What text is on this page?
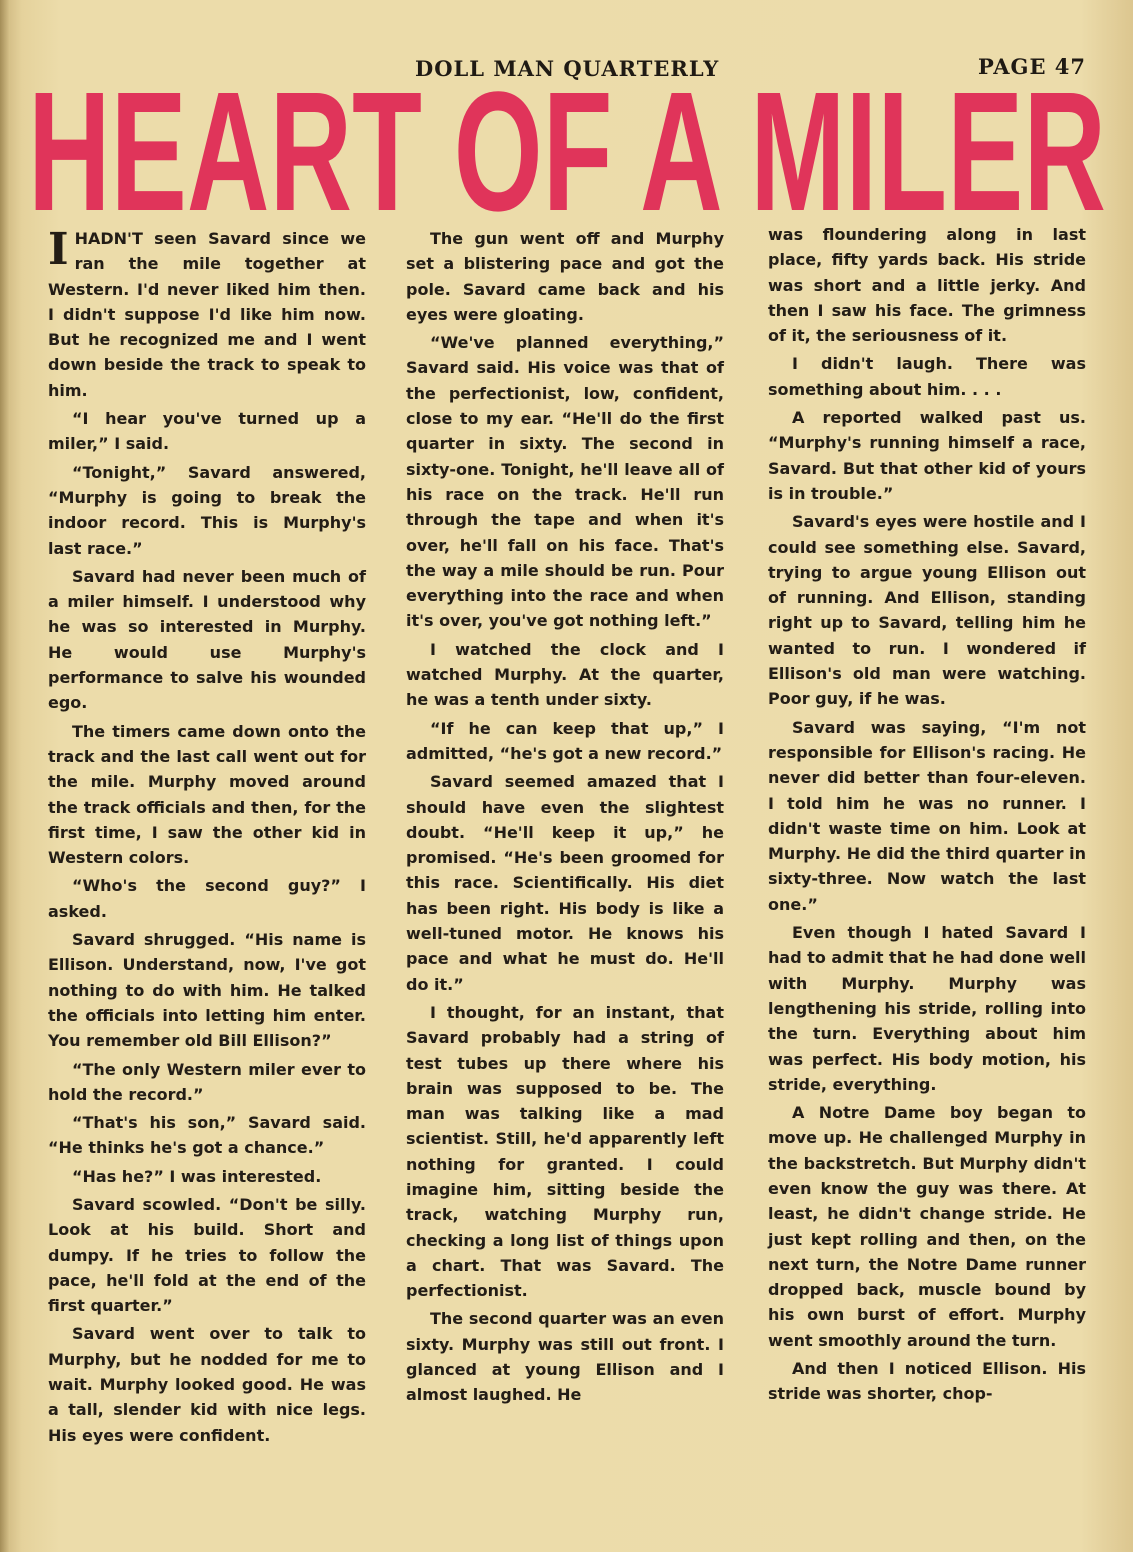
DOLL MAN QUARTERLY	PAGE 47
HEART OF A MILER

IHADN'T seen Savard since we ran the mile together at Western. I'd never liked him then. I didn't suppose I'd like him now. But he recognized me and I went down beside the track to speak to him.

“I hear you've turned up a miler,” I said.

“Tonight,” Savard answered, “Murphy is going to break the indoor record. This is Murphy's last race.”

Savard had never been much of a miler himself. I understood why he was so interested in Murphy. He would use Murphy's performance to salve his wounded ego.

The timers came down onto the track and the last call went out for the mile. Murphy moved around the track officials and then, for the first time, I saw the other kid in Western colors.

“Who's the second guy?” I asked.

Savard shrugged. “His name is Ellison. Understand, now, I've got nothing to do with him. He talked the officials into letting him enter. You remember old Bill Ellison?”

“The only Western miler ever to hold the record.”

“That's his son,” Savard said. “He thinks he's got a chance.”

“Has he?” I was interested.

Savard scowled. “Don't be silly. Look at his build. Short and dumpy. If he tries to follow the pace, he'll fold at the end of the first quarter.”

Savard went over to talk to Murphy, but he nodded for me to wait. Murphy looked good. He was a tall, slender kid with nice legs. His eyes were confident.

The gun went off and Murphy set a blistering pace and got the pole. Savard came back and his eyes were gloating.

“We've planned everything,” Savard said. His voice was that of the perfectionist, low, confident, close to my ear. “He'll do the first quarter in sixty. The second in sixty-one. Tonight, he'll leave all of his race on the track. He'll run through the tape and when it's over, he'll fall on his face. That's the way a mile should be run. Pour everything into the race and when it's over, you've got nothing left.”

I watched the clock and I watched Murphy. At the quarter, he was a tenth under sixty.

“If he can keep that up,” I admitted, “he's got a new record.”

Savard seemed amazed that I should have even the slightest doubt. “He'll keep it up,” he promised. “He's been groomed for this race. Scientifically. His diet has been right. His body is like a well-tuned motor. He knows his pace and what he must do. He'll do it.”

I thought, for an instant, that Savard probably had a string of test tubes up there where his brain was supposed to be. The man was talking like a mad scientist. Still, he'd apparently left nothing for granted. I could imagine him, sitting beside the track, watching Murphy run, checking a long list of things upon a chart. That was Savard. The perfectionist.

The second quarter was an even sixty. Murphy was still out front. I glanced at young Ellison and I almost laughed. He

was floundering along in last place, fifty yards back. His stride was short and a little jerky. And then I saw his face. The grimness of it, the seriousness of it.

I didn't laugh. There was something about him. . . .

A reported walked past us. “Murphy's running himself a race, Savard. But that other kid of yours is in trouble.”

Savard's eyes were hostile and I could see something else. Savard, trying to argue young Ellison out of running. And Ellison, standing right up to Savard, telling him he wanted to run. I wondered if Ellison's old man were watching. Poor guy, if he was.

Savard was saying, “I'm not responsible for Ellison's racing. He never did better than four-eleven. I told him he was no runner. I didn't waste time on him. Look at Murphy. He did the third quarter in sixty-three. Now watch the last one.”

Even though I hated Savard I had to admit that he had done well with Murphy. Murphy was lengthening his stride, rolling into the turn. Everything about him was perfect. His body motion, his stride, everything.

A Notre Dame boy began to move up. He challenged Murphy in the backstretch. But Murphy didn't even know the guy was there. At least, he didn't change stride. He just kept rolling and then, on the next turn, the Notre Dame runner dropped back, muscle bound by his own burst of effort. Murphy went smoothly around the turn.

And then I noticed Ellison. His stride was shorter, chop-
